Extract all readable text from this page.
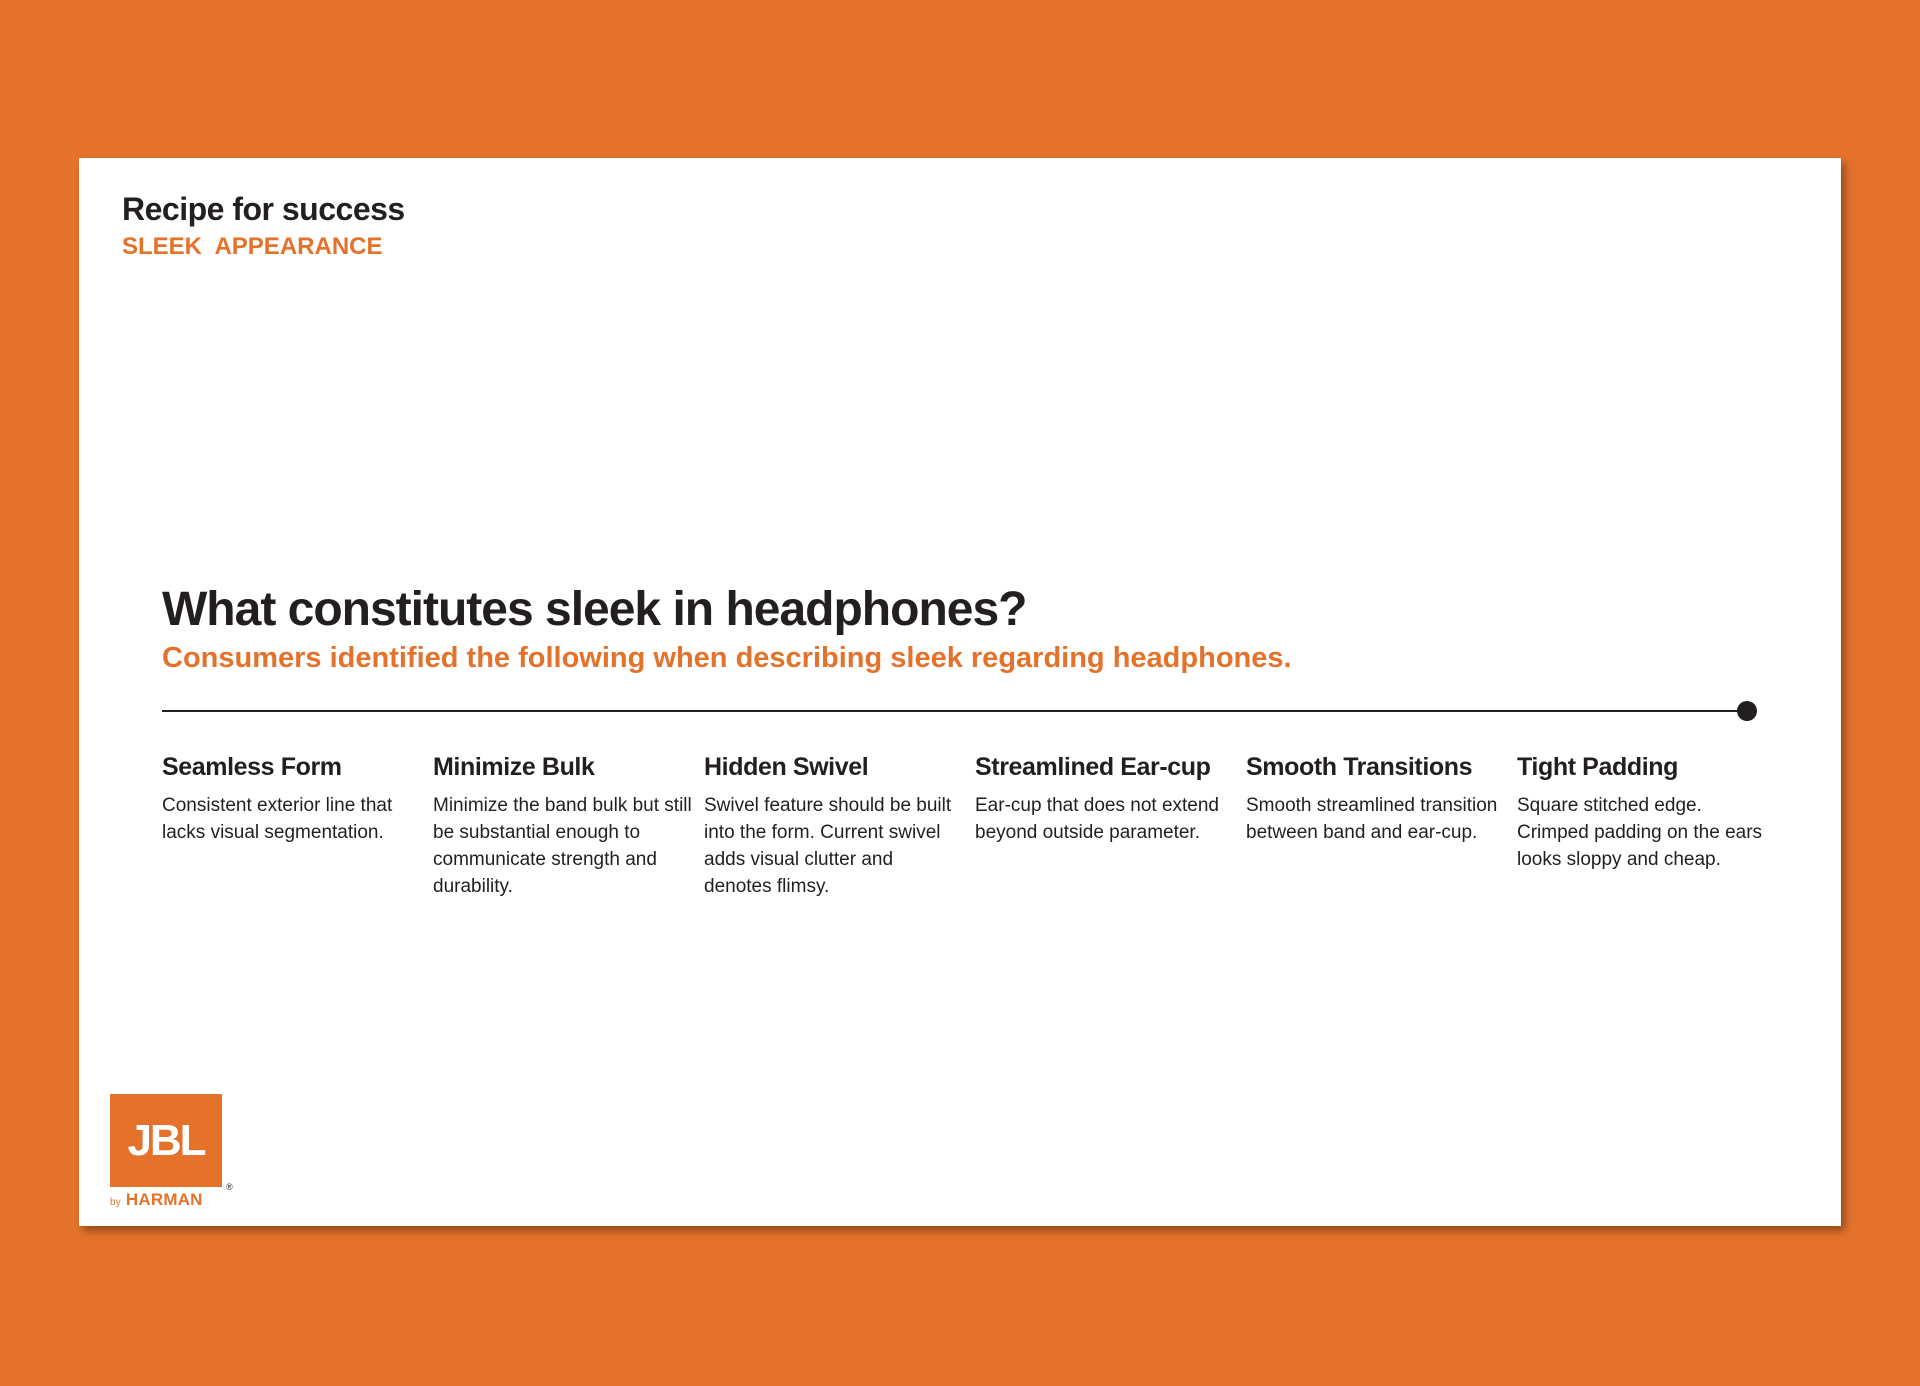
Recipe for success
SLEEK  APPEARANCE
What constitutes sleek in headphones?
Consumers identified the following when describing sleek regarding headphones.

Seamless Form

Consistent exterior line that lacks visual segmentation.

Minimize Bulk

Minimize the band bulk but still be substantial enough to communicate strength and durability.

Hidden Swivel

Swivel feature should be built into the form. Current swivel adds visual clutter and denotes flimsy.

Streamlined Ear-cup

Ear-cup that does not extend beyond outside parameter.

Smooth Transitions

Smooth streamlined transition between band and ear-cup.

Tight Padding

Square stitched edge. Crimped padding on the ears looks sloppy and cheap.

JBL
®
by HARMAN
